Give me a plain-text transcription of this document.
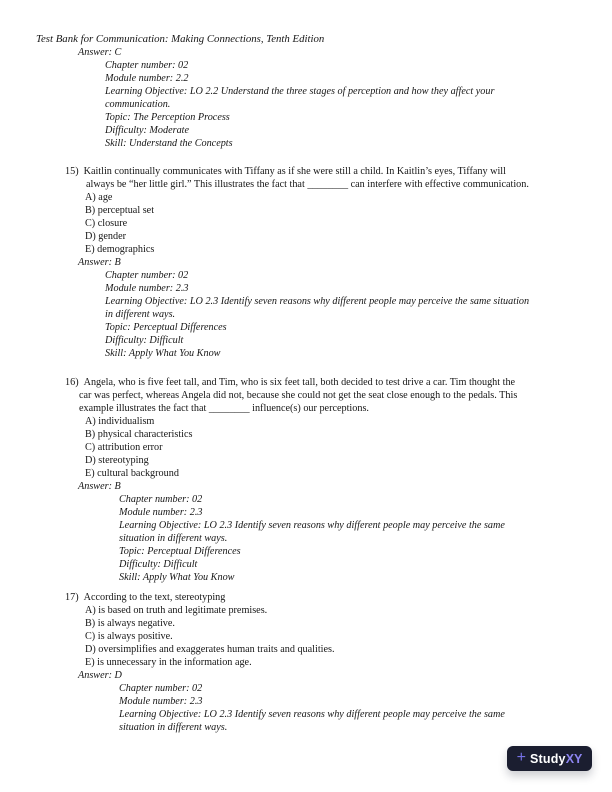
Test Bank for Communication: Making Connections, Tenth Edition
Answer: C
Chapter number: 02
Module number: 2.2
Learning Objective: LO 2.2 Understand the three stages of perception and how they affect your
communication.
Topic: The Perception Process
Difficulty: Moderate
Skill: Understand the Concepts
15) Kaitlin continually communicates with Tiffany as if she were still a child. In Kaitlin’s eyes, Tiffany will
always be “her little girl.” This illustrates the fact that ________ can interfere with effective communication.
A) age
B) perceptual set
C) closure
D) gender
E) demographics
Answer: B
Chapter number: 02
Module number: 2.3
Learning Objective: LO 2.3 Identify seven reasons why different people may perceive the same situation
in different ways.
Topic: Perceptual Differences
Difficulty: Difficult
Skill: Apply What You Know
16) Angela, who is five feet tall, and Tim, who is six feet tall, both decided to test drive a car. Tim thought the
car was perfect, whereas Angela did not, because she could not get the seat close enough to the pedals. This
example illustrates the fact that ________ influence(s) our perceptions.
A) individualism
B) physical characteristics
C) attribution error
D) stereotyping
E) cultural background
Answer: B
Chapter number: 02
Module number: 2.3
Learning Objective: LO 2.3 Identify seven reasons why different people may perceive the same
situation in different ways.
Topic: Perceptual Differences
Difficulty: Difficult
Skill: Apply What You Know
17) According to the text, stereotyping
A) is based on truth and legitimate premises.
B) is always negative.
C) is always positive.
D) oversimplifies and exaggerates human traits and qualities.
E) is unnecessary in the information age.
Answer: D
Chapter number: 02
Module number: 2.3
Learning Objective: LO 2.3 Identify seven reasons why different people may perceive the same
situation in different ways.
+ Study XY
